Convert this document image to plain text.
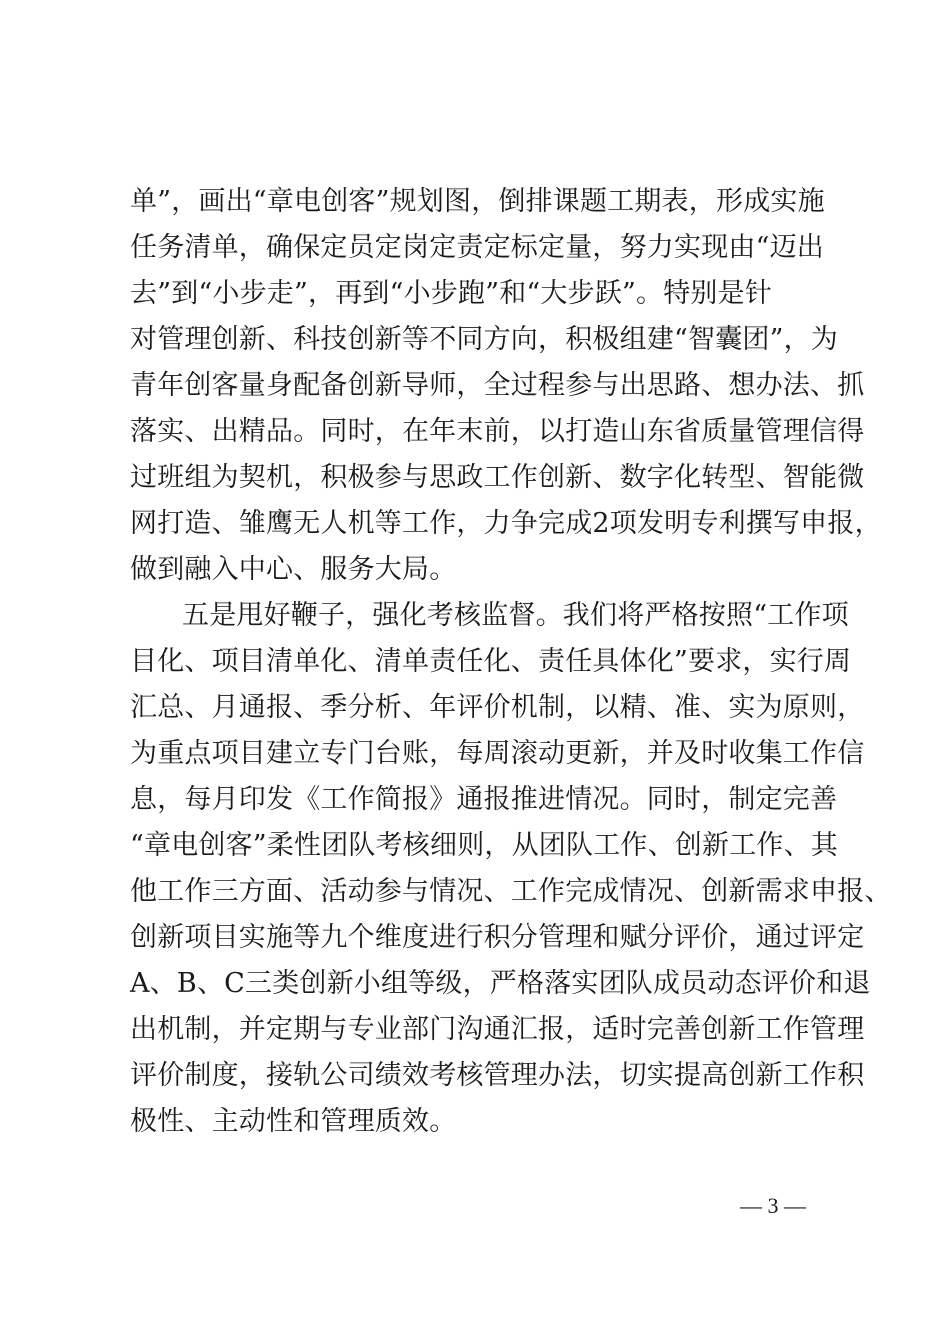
单”，画出“章电创客”规划图，倒排课题工期表，形成实施
任务清单，确保定员定岗定责定标定量，努力实现由“迈出
去”到“小步走”，再到“小步跑”和“大步跃”。特别是针
对管理创新、科技创新等不同方向，积极组建“智囊团”，为
青年创客量身配备创新导师，全过程参与出思路、想办法、抓
落实、出精品。同时，在年末前，以打造山东省质量管理信得
过班组为契机，积极参与思政工作创新、数字化转型、智能微
网打造、雏鹰无人机等工作，力争完成2项发明专利撰写申报，
做到融入中心、服务大局。
五是甩好鞭子，强化考核监督。我们将严格按照“工作项
目化、项目清单化、清单责任化、责任具体化”要求，实行周
汇总、月通报、季分析、年评价机制，以精、准、实为原则，
为重点项目建立专门台账，每周滚动更新，并及时收集工作信
息，每月印发《工作简报》通报推进情况。同时，制定完善
“章电创客”柔性团队考核细则，从团队工作、创新工作、其
他工作三方面、活动参与情况、工作完成情况、创新需求申报、
创新项目实施等九个维度进行积分管理和赋分评价，通过评定
A、B、C三类创新小组等级，严格落实团队成员动态评价和退
出机制，并定期与专业部门沟通汇报，适时完善创新工作管理
评价制度，接轨公司绩效考核管理办法，切实提高创新工作积
极性、主动性和管理质效。
— 3 —
